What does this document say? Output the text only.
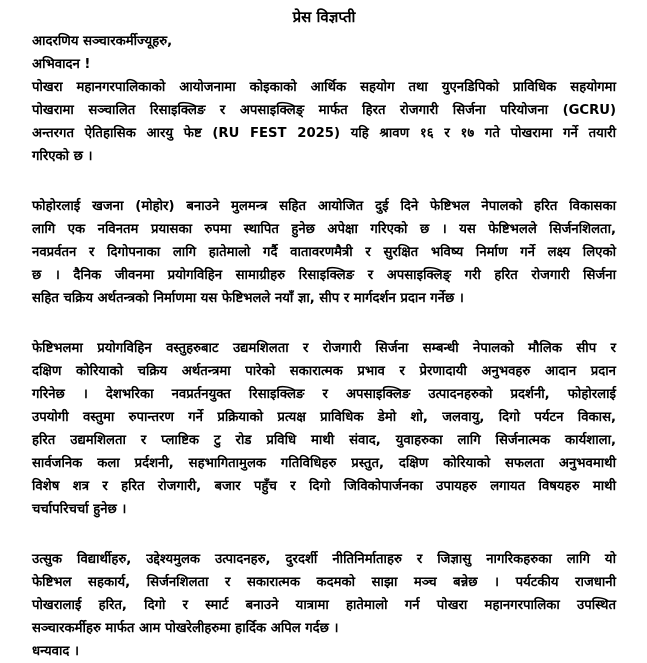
प्रेस विज्ञप्ती
आदरणिय सञ्चारकर्मीज्यूहरु,
अभिवादन !
पोखरा महानगरपालिकाको आयोजनामा कोइकाको आर्थिक सहयोग तथा युएनडिपिको प्राविधिक सहयोगमा
पोखरामा सञ्चालित रिसाइक्लिङ र अपसाइक्लिङ् मार्फत हिरत रोजगारी सिर्जना परियोजना (GCRU)
अन्तरगत ऐतिहासिक आरयु फेष्ट (RU FEST 2025) यहि श्रावण १६ र १७ गते पोखरामा गर्ने तयारी
गरिएको छ ।
फोहोरलाई खजना (मोहोर) बनाउने मुलमन्त्र सहित आयोजित दुई दिने फेष्टिभल नेपालको हरित विकासका
लागि एक नविनतम प्रयासका रुपमा स्थापित हुनेछ अपेक्षा गरिएको छ । यस फेष्टिभलले सिर्जनशिलता,
नवप्रर्वतन र दिगोपनाका लागि हातेमालो गर्दै वातावरणमैत्री र सुरक्षित भविष्य निर्माण गर्ने लक्ष्य लिएको
छ । दैनिक जीवनमा प्रयोगविहिन सामाग्रीहरु रिसाइक्लिङ र अपसाइक्लिङ् गरी हरित रोजगारी सिर्जना
सहित चक्रिय अर्थतन्त्रको निर्माणमा यस फेष्टिभलले नयाँ ज्ञा, सीप र मार्गदर्शन प्रदान गर्नेछ ।
फेष्टिभलमा प्रयोगविहिन वस्तुहरुबाट उद्यमशिलता र रोजगारी सिर्जना सम्बन्धी नेपालको मौलिक सीप र
दक्षिण कोरियाको चक्रिय अर्थतन्त्रमा पारेको सकारात्मक प्रभाव र प्रेरणादायी अनुभवहरु आदान प्रदान
गरिनेछ । देशभरिका नवप्रर्तनयुक्त रिसाइक्लिङ र अपसाइक्लिङ उत्पादनहरुको प्रदर्शनी, फोहोरलाई
उपयोगी वस्तुमा रुपान्तरण गर्ने प्रक्रियाको प्रत्यक्ष प्राविधिक डेमो शो, जलवायु, दिगो पर्यटन विकास,
हरित उद्यमशिलता र प्लाष्टिक टु रोड प्रविधि माथी संवाद, युवाहरुका लागि सिर्जनात्मक कार्यशाला,
सार्वजनिक कला प्रर्दशनी, सहभागितामुलक गतिविधिहरु प्रस्तुत, दक्षिण कोरियाको सफलता अनुभवमाथी
विशेष शत्र र हरित रोजगारी, बजार पहुँच र दिगो जिविकोपार्जनका उपायहरु लगायत विषयहरु माथी
चर्चापरिचर्चा हुनेछ ।
उत्सुक विद्यार्थीहरु, उद्देश्यमुलक उत्पादनहरु, दुरदर्शी नीतिनिर्माताहरु र जिज्ञासु नागरिकहरुका लागि यो
फेष्टिभल सहकार्य, सिर्जनशिलता र सकारात्मक कदमको साझा मञ्च बन्नेछ । पर्यटकीय राजधानी
पोखरालाई हरित, दिगो र स्मार्ट बनाउने यात्रामा हातेमालो गर्न पोखरा महानगरपालिका उपस्थित
सञ्चारकर्मीहरु मार्फत आम पोखरेलीहरुमा हार्दिक अपिल गर्दछ ।
धन्यवाद ।
